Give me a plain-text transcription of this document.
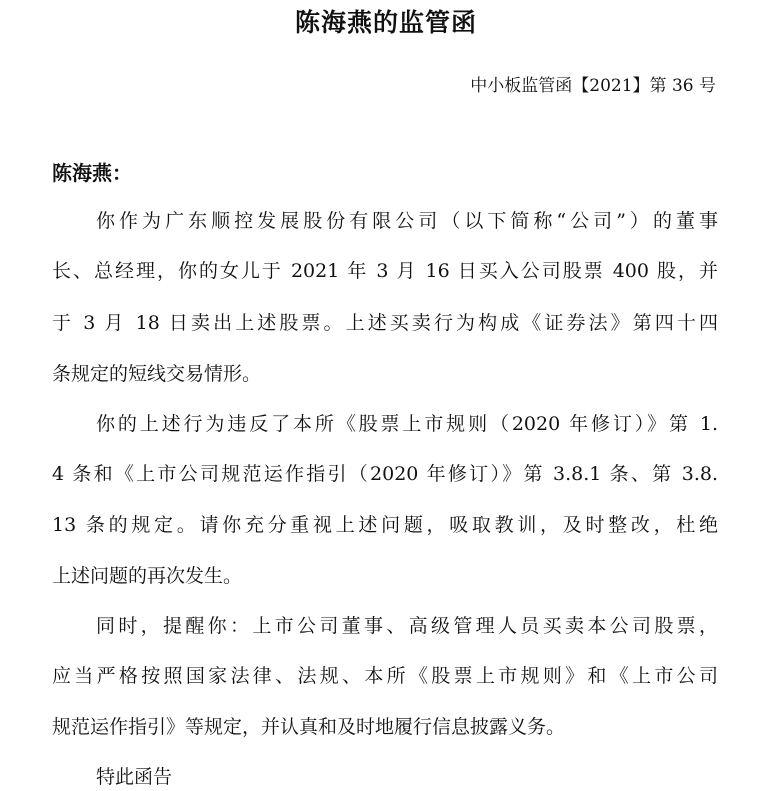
陈海燕的监管函
中小板监管函【2021】第 36 号
陈海燕：
你作为广东顺控发展股份有限公司（以下简称“公司”）的董事
长、总经理，你的女儿于 2021 年 3 月 16 日买入公司股票 400 股，并
于 3 月 18 日卖出上述股票。上述买卖行为构成《证券法》第四十四
条规定的短线交易情形。
你的上述行为违反了本所《股票上市规则（2020 年修订）》第 1.
4 条和《上市公司规范运作指引（2020 年修订）》第 3.8.1 条、第 3.8.
13 条的规定。请你充分重视上述问题，吸取教训，及时整改，杜绝
上述问题的再次发生。
同时，提醒你：上市公司董事、高级管理人员买卖本公司股票，
应当严格按照国家法律、法规、本所《股票上市规则》和《上市公司
规范运作指引》等规定，并认真和及时地履行信息披露义务。
特此函告
